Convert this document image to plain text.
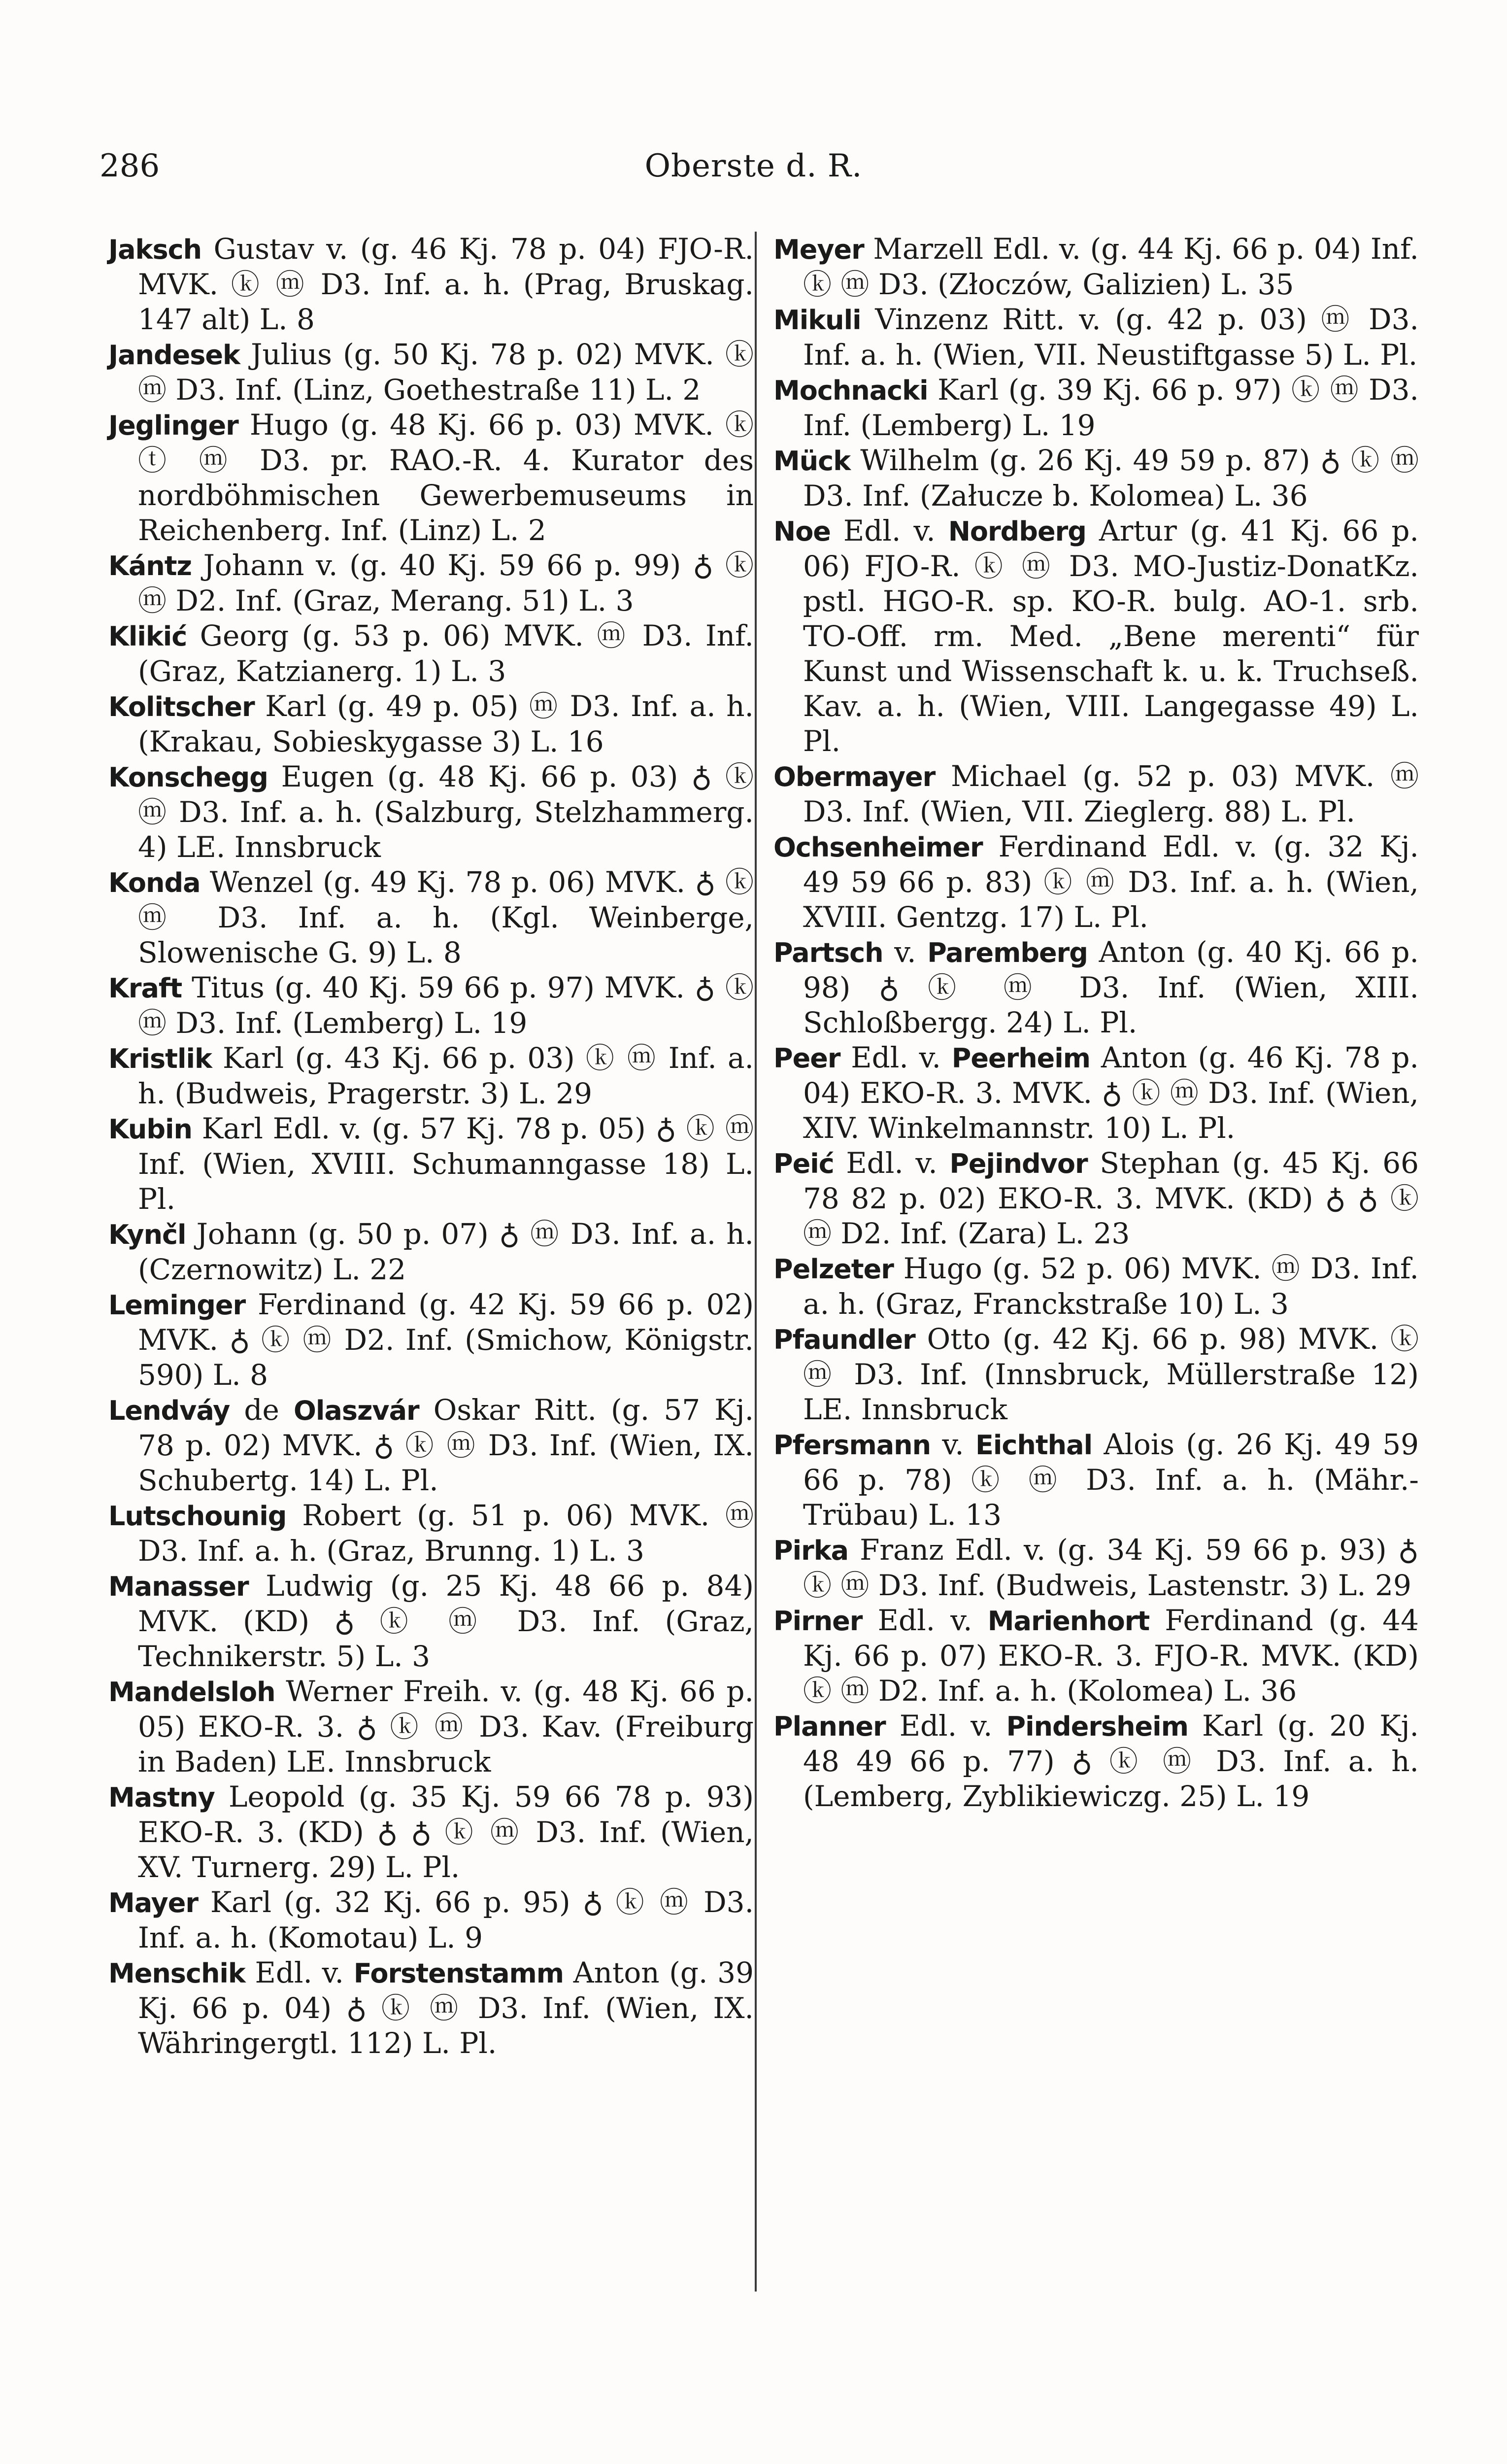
286	Oberste d. R.

Jaksch Gustav v. (g. 46 Kj. 78 p. 04) FJO-R. MVK. ⓚ ⓜ D3. Inf. a. h. (Prag, Bruskag. 147 alt) L. 8

Jandesek Julius (g. 50 Kj. 78 p. 02) MVK. ⓚ ⓜ D3. Inf. (Linz, Goethestraße 11) L. 2

Jeglinger Hugo (g. 48 Kj. 66 p. 03) MVK. ⓚ ⓣ ⓜ D3. pr. RAO.-R. 4. Kurator des nordböhmischen Gewerbemuseums in Reichenberg. Inf. (Linz) L. 2

Kántz Johann v. (g. 40 Kj. 59 66 p. 99) ♁ ⓚ ⓜ D2. Inf. (Graz, Merang. 51) L. 3

Klikić Georg (g. 53 p. 06) MVK. ⓜ D3. Inf. (Graz, Katzianerg. 1) L. 3

Kolitscher Karl (g. 49 p. 05) ⓜ D3. Inf. a. h. (Krakau, Sobieskygasse 3) L. 16

Konschegg Eugen (g. 48 Kj. 66 p. 03) ♁ ⓚ ⓜ D3. Inf. a. h. (Salzburg, Stelzhammerg. 4) LE. Innsbruck

Konda Wenzel (g. 49 Kj. 78 p. 06) MVK. ♁ ⓚ ⓜ D3. Inf. a. h. (Kgl. Weinberge, Slowenische G. 9) L. 8

Kraft Titus (g. 40 Kj. 59 66 p. 97) MVK. ♁ ⓚ ⓜ D3. Inf. (Lemberg) L. 19

Kristlik Karl (g. 43 Kj. 66 p. 03) ⓚ ⓜ Inf. a. h. (Budweis, Pragerstr. 3) L. 29

Kubin Karl Edl. v. (g. 57 Kj. 78 p. 05) ♁ ⓚ ⓜ Inf. (Wien, XVIII. Schumanngasse 18) L. Pl.

Kynčl Johann (g. 50 p. 07) ♁ ⓜ D3. Inf. a. h. (Czernowitz) L. 22

Leminger Ferdinand (g. 42 Kj. 59 66 p. 02) MVK. ♁ ⓚ ⓜ D2. Inf. (Smichow, Königstr. 590) L. 8

Lendváy de Olaszvár Oskar Ritt. (g. 57 Kj. 78 p. 02) MVK. ♁ ⓚ ⓜ D3. Inf. (Wien, IX. Schubertg. 14) L. Pl.

Lutschounig Robert (g. 51 p. 06) MVK. ⓜ D3. Inf. a. h. (Graz, Brunng. 1) L. 3

Manasser Ludwig (g. 25 Kj. 48 66 p. 84) MVK. (KD) ♁ ⓚ ⓜ D3. Inf. (Graz, Technikerstr. 5) L. 3

Mandelsloh Werner Freih. v. (g. 48 Kj. 66 p. 05) EKO-R. 3. ♁ ⓚ ⓜ D3. Kav. (Freiburg in Baden) LE. Innsbruck

Mastny Leopold (g. 35 Kj. 59 66 78 p. 93) EKO-R. 3. (KD) ♁ ♁ ⓚ ⓜ D3. Inf. (Wien, XV. Turnerg. 29) L. Pl.

Mayer Karl (g. 32 Kj. 66 p. 95) ♁ ⓚ ⓜ D3. Inf. a. h. (Komotau) L. 9

Menschik Edl. v. Forstenstamm Anton (g. 39 Kj. 66 p. 04) ♁ ⓚ ⓜ D3. Inf. (Wien, IX. Währingergtl. 112) L. Pl.

Meyer Marzell Edl. v. (g. 44 Kj. 66 p. 04) Inf. ⓚ ⓜ D3. (Złoczów, Galizien) L. 35

Mikuli Vinzenz Ritt. v. (g. 42 p. 03) ⓜ D3. Inf. a. h. (Wien, VII. Neustiftgasse 5) L. Pl.

Mochnacki Karl (g. 39 Kj. 66 p. 97) ⓚ ⓜ D3. Inf. (Lemberg) L. 19

Mück Wilhelm (g. 26 Kj. 49 59 p. 87) ♁ ⓚ ⓜ D3. Inf. (Załucze b. Kolomea) L. 36

Noe Edl. v. Nordberg Artur (g. 41 Kj. 66 p. 06) FJO-R. ⓚ ⓜ D3. MO-Justiz-DonatKz. pstl. HGO-R. sp. KO-R. bulg. AO-1. srb. TO-Off. rm. Med. „Bene merenti“ für Kunst und Wissenschaft k. u. k. Truchseß. Kav. a. h. (Wien, VIII. Langegasse 49) L. Pl.

Obermayer Michael (g. 52 p. 03) MVK. ⓜ D3. Inf. (Wien, VII. Zieglerg. 88) L. Pl.

Ochsenheimer Ferdinand Edl. v. (g. 32 Kj. 49 59 66 p. 83) ⓚ ⓜ D3. Inf. a. h. (Wien, XVIII. Gentzg. 17) L. Pl.

Partsch v. Paremberg Anton (g. 40 Kj. 66 p. 98) ♁ ⓚ ⓜ D3. Inf. (Wien, XIII. Schloßbergg. 24) L. Pl.

Peer Edl. v. Peerheim Anton (g. 46 Kj. 78 p. 04) EKO-R. 3. MVK. ♁ ⓚ ⓜ D3. Inf. (Wien, XIV. Winkelmannstr. 10) L. Pl.

Peić Edl. v. Pejindvor Stephan (g. 45 Kj. 66 78 82 p. 02) EKO-R. 3. MVK. (KD) ♁ ♁ ⓚ ⓜ D2. Inf. (Zara) L. 23

Pelzeter Hugo (g. 52 p. 06) MVK. ⓜ D3. Inf. a. h. (Graz, Franckstraße 10) L. 3

Pfaundler Otto (g. 42 Kj. 66 p. 98) MVK. ⓚ ⓜ D3. Inf. (Innsbruck, Müllerstraße 12) LE. Innsbruck

Pfersmann v. Eichthal Alois (g. 26 Kj. 49 59 66 p. 78) ⓚ ⓜ D3. Inf. a. h. (Mähr.-Trübau) L. 13

Pirka Franz Edl. v. (g. 34 Kj. 59 66 p. 93) ♁ ⓚ ⓜ D3. Inf. (Budweis, Lastenstr. 3) L. 29

Pirner Edl. v. Marienhort Ferdinand (g. 44 Kj. 66 p. 07) EKO-R. 3. FJO-R. MVK. (KD) ⓚ ⓜ D2. Inf. a. h. (Kolomea) L. 36

Planner Edl. v. Pindersheim Karl (g. 20 Kj. 48 49 66 p. 77) ♁ ⓚ ⓜ D3. Inf. a. h. (Lemberg, Zyblikiewiczg. 25) L. 19
